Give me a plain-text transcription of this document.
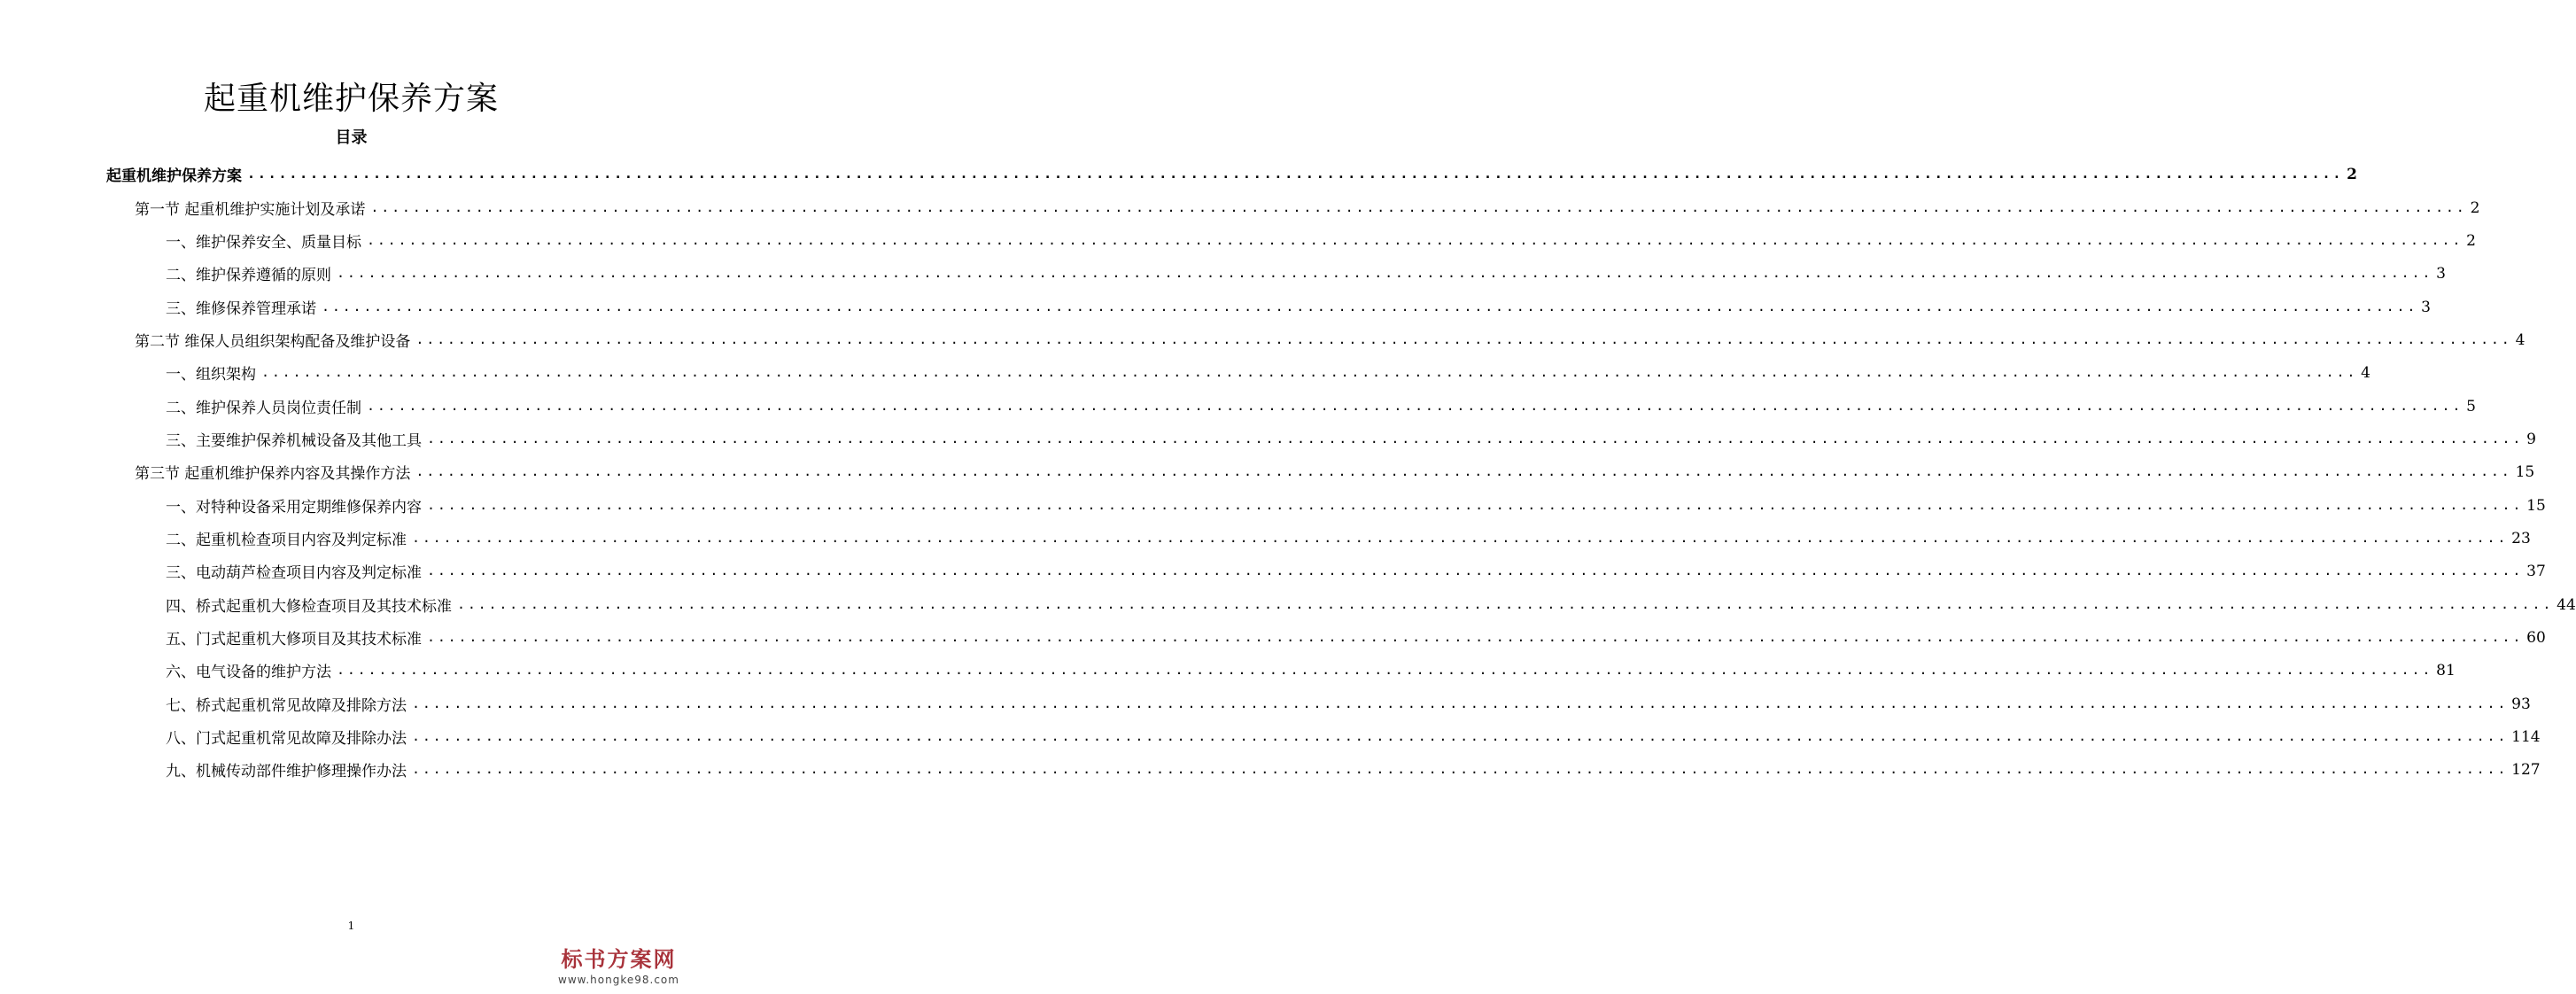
起重机维护保养方案
目录
起重机维护保养方案 ........................................................................................................................................................................................................ 2
第一节 起重机维护实施计划及承诺 ........................................................................................................................................................................................................ 2
一、维护保养安全、质量目标 ........................................................................................................................................................................................................ 2
二、维护保养遵循的原则 ........................................................................................................................................................................................................ 3
三、维修保养管理承诺 ........................................................................................................................................................................................................ 3
第二节 维保人员组织架构配备及维护设备 ........................................................................................................................................................................................................ 4
一、组织架构 ........................................................................................................................................................................................................ 4
二、维护保养人员岗位责任制 ........................................................................................................................................................................................................ 5
三、主要维护保养机械设备及其他工具 ........................................................................................................................................................................................................ 9
第三节 起重机维护保养内容及其操作方法 ........................................................................................................................................................................................................ 15
一、对特种设备采用定期维修保养内容 ........................................................................................................................................................................................................ 15
二、起重机检查项目内容及判定标准 ........................................................................................................................................................................................................ 23
三、电动葫芦检查项目内容及判定标准 ........................................................................................................................................................................................................ 37
四、桥式起重机大修检查项目及其技术标准 ........................................................................................................................................................................................................ 44
五、门式起重机大修项目及其技术标准 ........................................................................................................................................................................................................ 60
六、电气设备的维护方法 ........................................................................................................................................................................................................ 81
七、桥式起重机常见故障及排除方法 ........................................................................................................................................................................................................ 93
八、门式起重机常见故障及排除办法 ........................................................................................................................................................................................................ 114
九、机械传动部件维护修理操作办法 ........................................................................................................................................................................................................ 127
1
标书方案网
www.hongke98.com
